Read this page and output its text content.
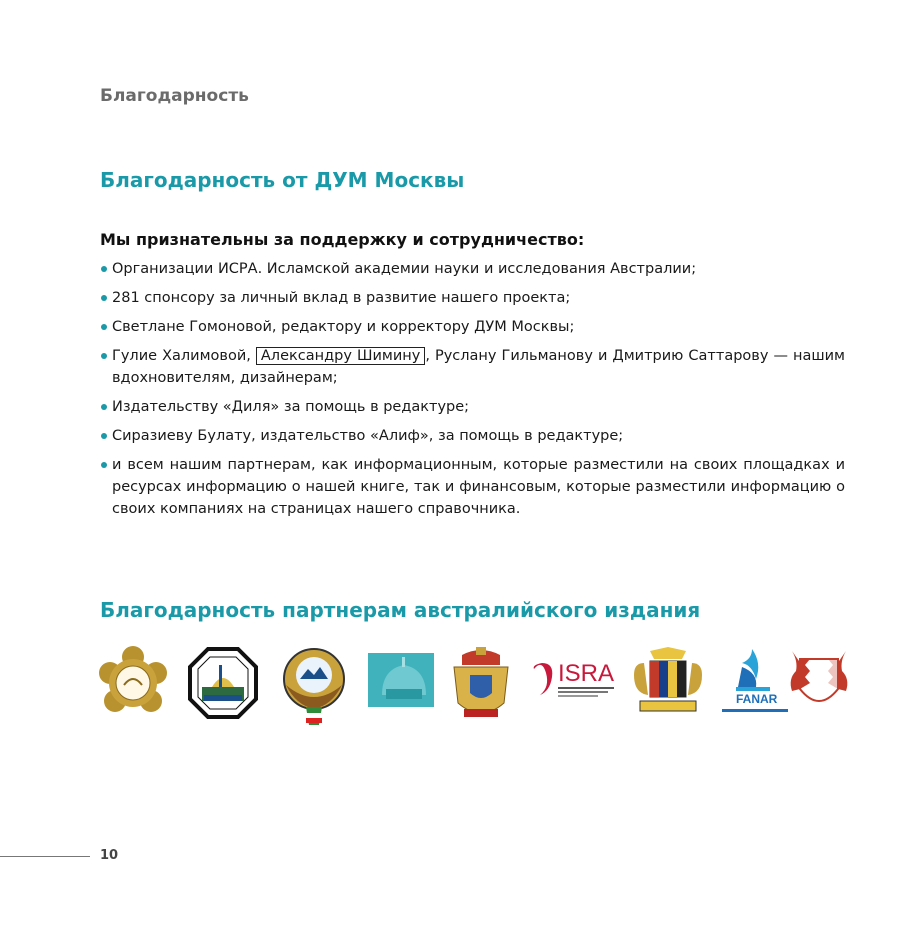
Благодарность
Благодарность от ДУМ Москвы
Мы признательны за поддержку и сотрудничество:
Организации ИСРА. Исламской академии науки и исследования Австралии;
281 спонсору за личный вклад в развитие нашего проекта;
Светлане Гомоновой, редактору и корректору ДУМ Москвы;
Гулие Халимовой, Александру Шимину , Руслану Гильманову и Дмитрию Саттарову — нашим вдохновителям, дизайнерам;
Издательству «Диля» за помощь в редактуре;
Сиразиеву Булату, издательство «Алиф», за помощь в редактуре;
и всем нашим партнерам, как информационным, которые разместили на своих площадках и ресурсах информацию о нашей книге, так и финансовым, которые разместили информацию о своих компаниях на страницах нашего справочника.
Благодарность партнерам австралийского издания
ISRA
FANAR
10
